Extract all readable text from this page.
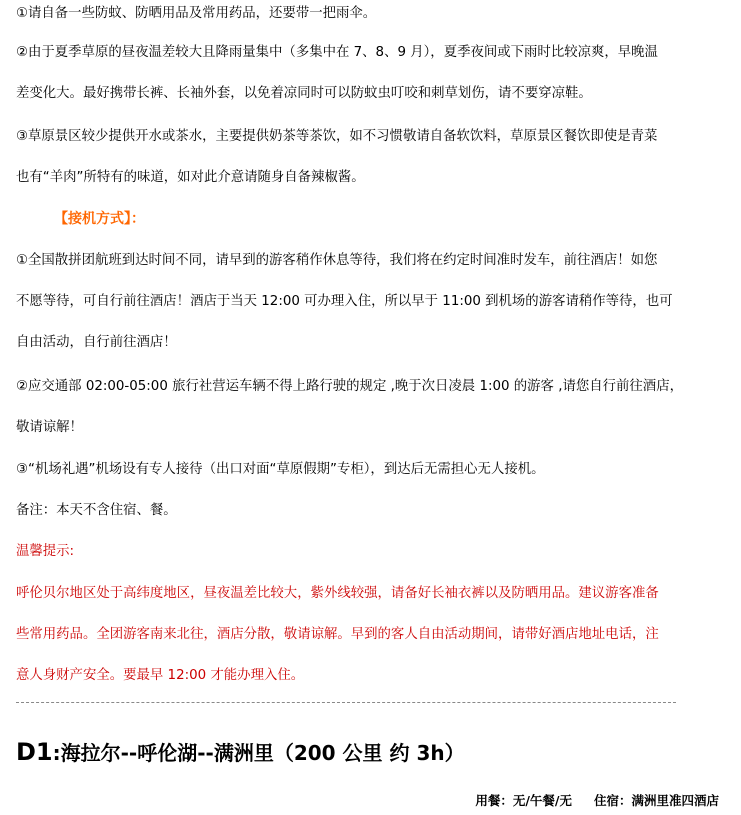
①请自备一些防蚊、防晒用品及常用药品，还要带一把雨伞。
②由于夏季草原的昼夜温差较大且降雨量集中（多集中在 7、8、9 月），夏季夜间或下雨时比较凉爽，早晚温
差变化大。最好携带长裤、长袖外套，以免着凉同时可以防蚊虫叮咬和刺草划伤，请不要穿凉鞋。
③草原景区较少提供开水或茶水，主要提供奶茶等茶饮，如不习惯敬请自备软饮料，草原景区餐饮即使是青菜
也有“羊肉”所特有的味道，如对此介意请随身自备辣椒酱。
【接机方式】：
①全国散拼团航班到达时间不同，请早到的游客稍作休息等待，我们将在约定时间准时发车，前往酒店！如您
不愿等待，可自行前往酒店！酒店于当天 12:00 可办理入住，所以早于 11:00 到机场的游客请稍作等待，也可
自由活动，自行前往酒店！
②应交通部 02:00-05:00 旅行社营运车辆不得上路行驶的规定 ,晚于次日凌晨 1:00 的游客 ,请您自行前往酒店，
敬请谅解！
③“机场礼遇”机场设有专人接待（出口对面“草原假期”专柜），到达后无需担心无人接机。
备注：本天不含住宿、餐。
温馨提示:
呼伦贝尔地区处于高纬度地区，昼夜温差比较大，紫外线较强，请备好长袖衣裤以及防晒用品。建议游客准备
些常用药品。全团游客南来北往，酒店分散，敬请谅解。早到的客人自由活动期间，请带好酒店地址电话，注
意人身财产安全。要最早 12:00 才能办理入住。
D1:海拉尔--呼伦湖--满洲里（200 公里 约 3h）
用餐：无/午餐/无 住宿：满洲里准四酒店
